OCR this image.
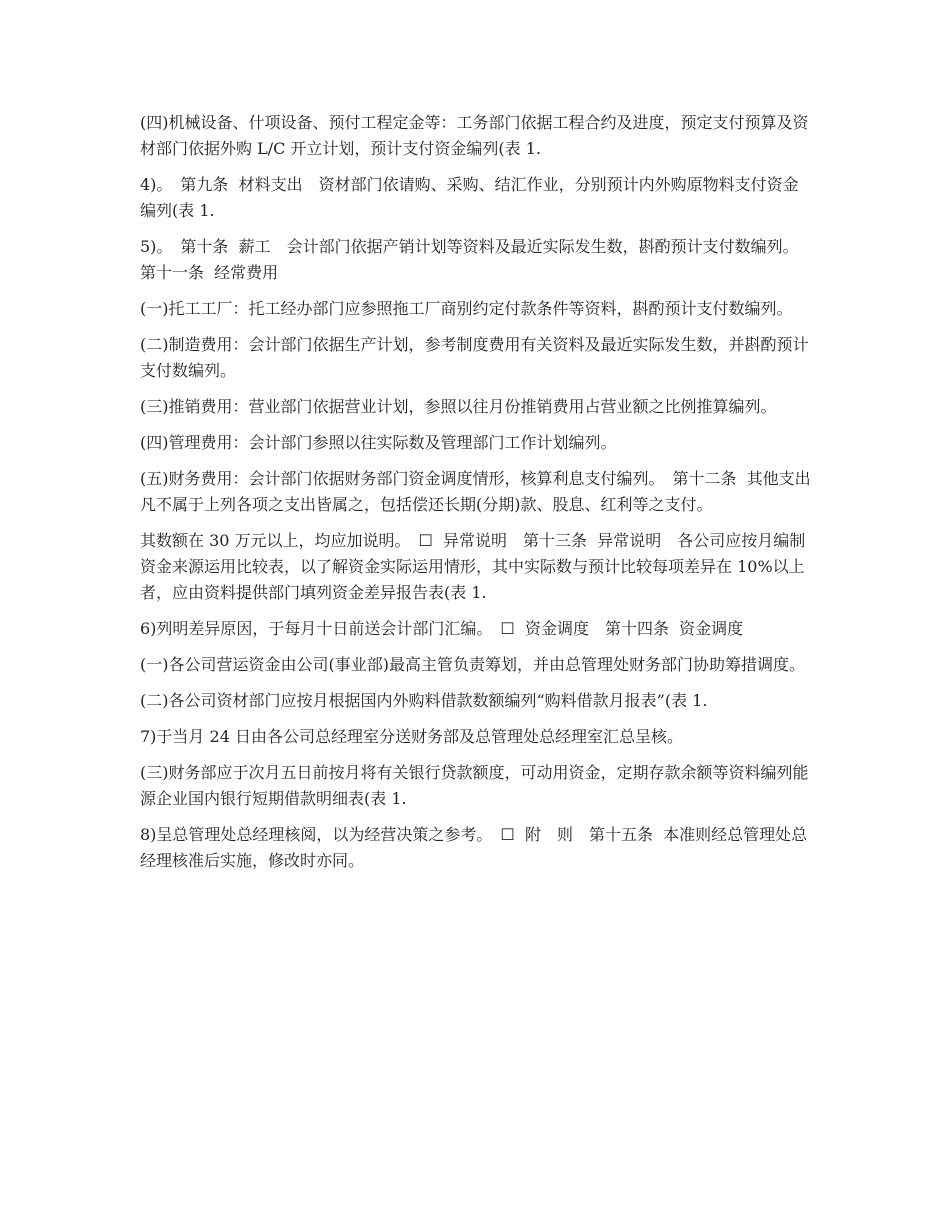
(四)机械设备、什项设备、预付工程定金等：工务部门依据工程合约及进度，预定支付预算及资材部门依据外购 L/C 开立计划，预计支付资金编列(表 1.

4)。　第九条  材料支出　资材部门依请购、采购、结汇作业，分别预计内外购原物料支付资金编列(表 1.

5)。　第十条  薪工　会计部门依据产销计划等资料及最近实际发生数，斟酌预计支付数编列。　第十一条  经常费用

(一)托工工厂：托工经办部门应参照拖工厂商别约定付款条件等资料，斟酌预计支付数编列。

(二)制造费用：会计部门依据生产计划，参考制度费用有关资料及最近实际发生数，并斟酌预计支付数编列。

(三)推销费用：营业部门依据营业计划，参照以往月份推销费用占营业额之比例推算编列。

(四)管理费用：会计部门参照以往实际数及管理部门工作计划编列。

(五)财务费用：会计部门依据财务部门资金调度情形，核算利息支付编列。　第十二条  其他支出　凡不属于上列各项之支出皆属之，包括偿还长期(分期)款、股息、红利等之支付。

其数额在 30 万元以上，均应加说明。　☐  异常说明　第十三条  异常说明　各公司应按月编制资金来源运用比较表，以了解资金实际运用情形，其中实际数与预计比较每项差异在 10%以上者，应由资料提供部门填列资金差异报告表(表 1.

6)列明差异原因，于每月十日前送会计部门汇编。　☐  资金调度　第十四条  资金调度

(一)各公司营运资金由公司(事业部)最高主管负责筹划，并由总管理处财务部门协助筹措调度。

(二)各公司资材部门应按月根据国内外购料借款数额编列“购料借款月报表”(表 1.

7)于当月 24 日由各公司总经理室分送财务部及总管理处总经理室汇总呈核。

(三)财务部应于次月五日前按月将有关银行贷款额度，可动用资金，定期存款余额等资料编列能源企业国内银行短期借款明细表(表 1.

8)呈总管理处总经理核阅，以为经营决策之参考。　☐  附　则　第十五条  本准则经总管理处总经理核准后实施，修改时亦同。
